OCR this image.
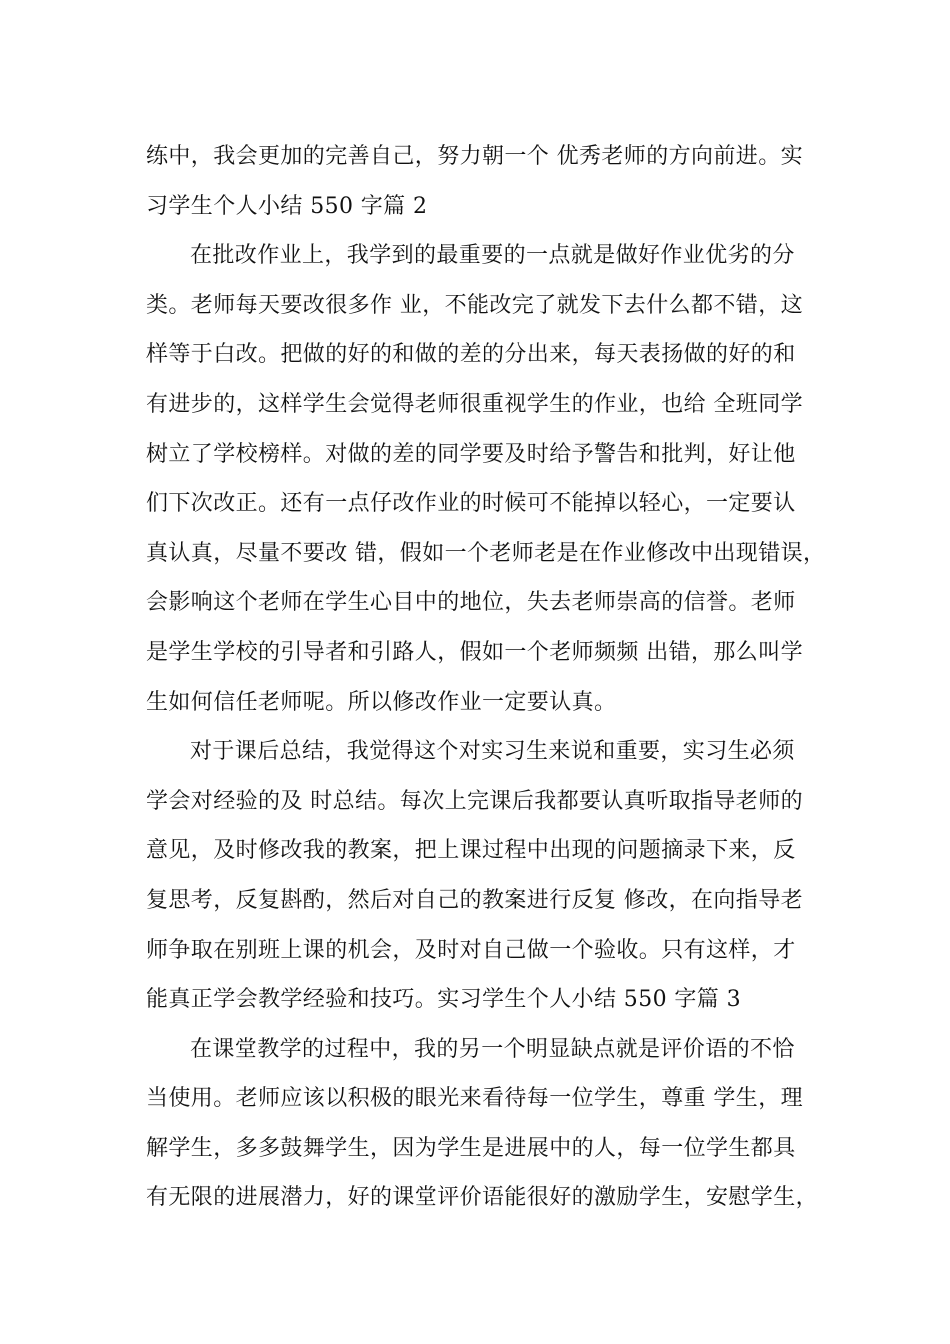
练中，我会更加的完善自己，努力朝一个 优秀老师的方向前进。实
习学生个人小结 550 字篇 2
在批改作业上，我学到的最重要的一点就是做好作业优劣的分
类。老师每天要改很多作 业，不能改完了就发下去什么都不错，这
样等于白改。把做的好的和做的差的分出来，每天表扬做的好的和
有进步的，这样学生会觉得老师很重视学生的作业，也给 全班同学
树立了学校榜样。对做的差的同学要及时给予警告和批判，好让他
们下次改正。还有一点仔改作业的时候可不能掉以轻心，一定要认
真认真，尽量不要改 错，假如一个老师老是在作业修改中出现错误，
会影响这个老师在学生心目中的地位，失去老师崇高的信誉。老师
是学生学校的引导者和引路人，假如一个老师频频 出错，那么叫学
生如何信任老师呢。所以修改作业一定要认真。
对于课后总结，我觉得这个对实习生来说和重要，实习生必须
学会对经验的及 时总结。每次上完课后我都要认真听取指导老师的
意见，及时修改我的教案，把上课过程中出现的问题摘录下来，反
复思考，反复斟酌，然后对自己的教案进行反复 修改，在向指导老
师争取在别班上课的机会，及时对自己做一个验收。只有这样，才
能真正学会教学经验和技巧。实习学生个人小结 550 字篇 3
在课堂教学的过程中，我的另一个明显缺点就是评价语的不恰
当使用。老师应该以积极的眼光来看待每一位学生，尊重 学生，理
解学生，多多鼓舞学生，因为学生是进展中的人，每一位学生都具
有无限的进展潜力，好的课堂评价语能很好的激励学生，安慰学生，
